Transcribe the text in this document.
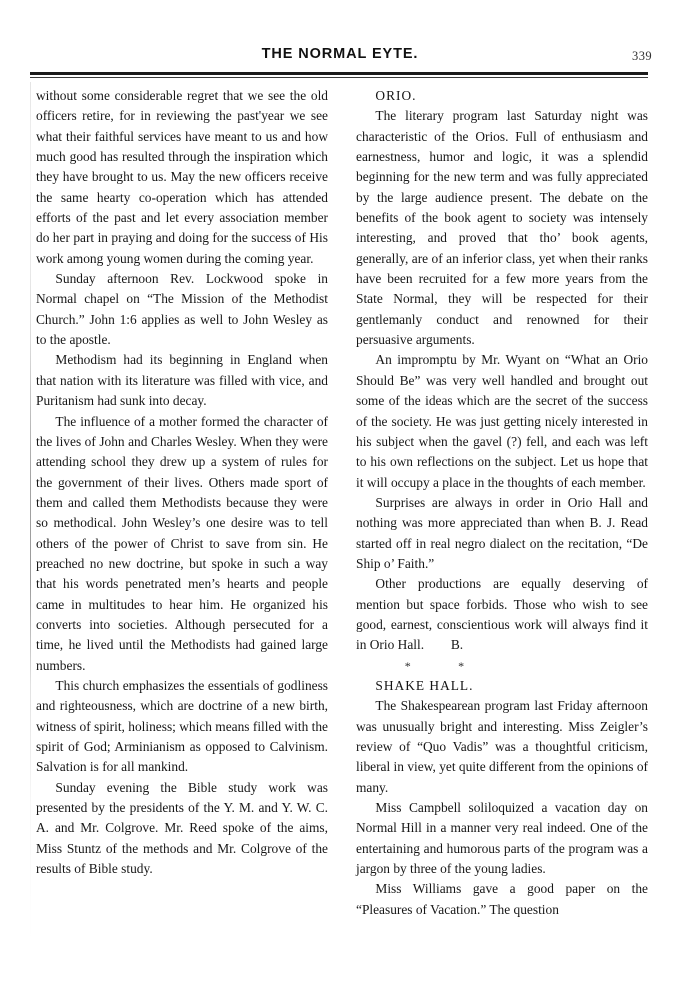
THE NORMAL EYTE.	339

without some considerable regret that we see the old officers retire, for in reviewing the past'year we see what their faithful services have meant to us and how much good has resulted through the inspiration which they have brought to us. May the new officers receive the same hearty co-operation which has attended efforts of the past and let every association member do her part in praying and doing for the success of His work among young women during the coming year.

Sunday afternoon Rev. Lockwood spoke in Normal chapel on “The Mission of the Methodist Church.” John 1:6 applies as well to John Wesley as to the apostle.

Methodism had its beginning in England when that nation with its literature was filled with vice, and Puritanism had sunk into decay.

The influence of a mother formed the character of the lives of John and Charles Wesley. When they were attending school they drew up a system of rules for the government of their lives. Others made sport of them and called them Methodists because they were so methodical. John Wesley’s one desire was to tell others of the power of Christ to save from sin. He preached no new doctrine, but spoke in such a way that his words penetrated men’s hearts and people came in multitudes to hear him. He organized his converts into societies. Although persecuted for a time, he lived until the Methodists had gained large numbers.

This church emphasizes the essentials of godliness and righteousness, which are doctrine of a new birth, witness of spirit, holiness; which means filled with the spirit of God; Arminianism as opposed to Calvinism. Salvation is for all mankind.

Sunday evening the Bible study work was presented by the presidents of the Y. M. and Y. W. C. A. and Mr. Colgrove. Mr. Reed spoke of the aims, Miss Stuntz of the methods and Mr. Colgrove of the results of Bible study.

ORIO.

The literary program last Saturday night was characteristic of the Orios. Full of enthusiasm and earnestness, humor and logic, it was a splendid beginning for the new term and was fully appreciated by the large audience present. The debate on the benefits of the book agent to society was intensely interesting, and proved that tho’ book agents, generally, are of an inferior class, yet when their ranks have been recruited for a few more years from the State Normal, they will be respected for their gentlemanly conduct and renowned for their persuasive arguments.

An impromptu by Mr. Wyant on “What an Orio Should Be” was very well handled and brought out some of the ideas which are the secret of the success of the society. He was just getting nicely interested in his subject when the gavel (?) fell, and each was left to his own reflections on the subject. Let us hope that it will occupy a place in the thoughts of each member.

Surprises are always in order in Orio Hall and nothing was more appreciated than when B. J. Read started off in real negro dialect on the recitation, “De Ship o’ Faith.”

Other productions are equally deserving of mention but space forbids. Those who wish to see good, earnest, conscientious work will always find it in Orio Hall.    B.

*	*

SHAKE HALL.

The Shakespearean program last Friday afternoon was unusually bright and interesting. Miss Zeigler’s review of “Quo Vadis” was a thoughtful criticism, liberal in view, yet quite different from the opinions of many.

Miss Campbell soliloquized a vacation day on Normal Hill in a manner very real indeed. One of the entertaining and humorous parts of the program was a jargon by three of the young ladies.

Miss Williams gave a good paper on the “Pleasures of Vacation.” The question
